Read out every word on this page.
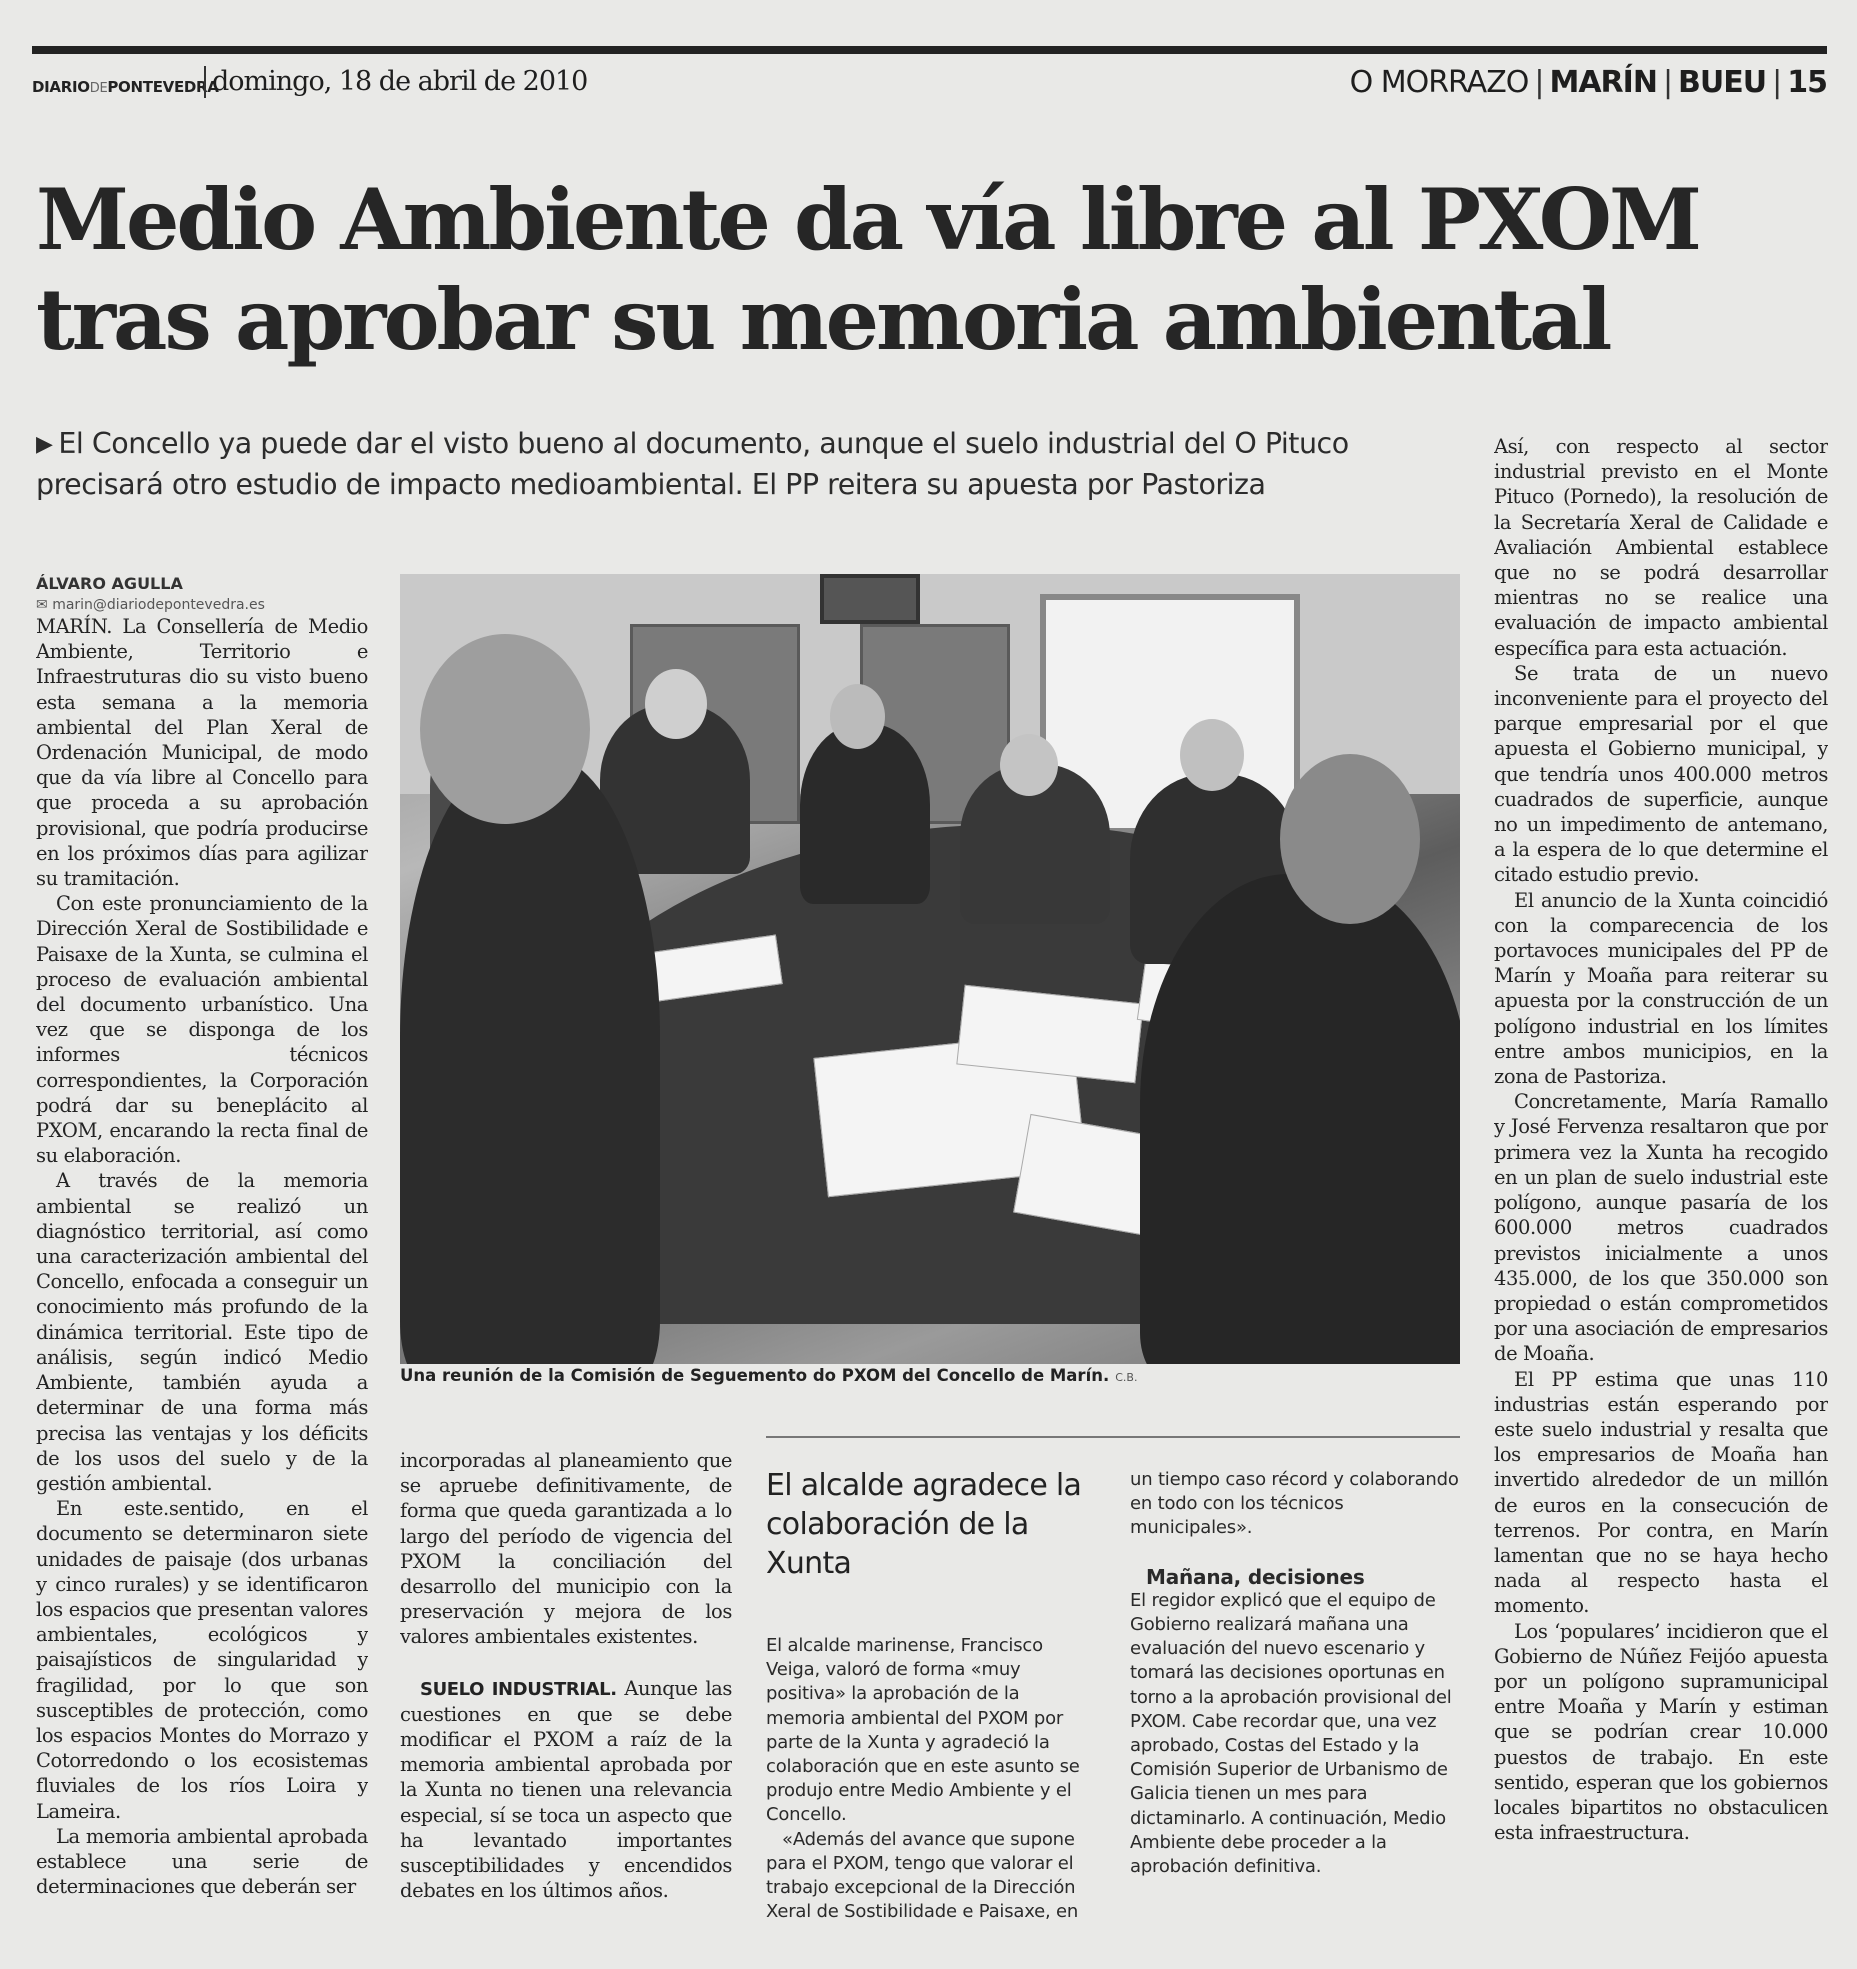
DIARIODEPONTEVEDRA
domingo, 18 de abril de 2010	O MORRAZO | MARÍN | BUEU | 15
Medio Ambiente da vía libre al PXOM
tras aprobar su memoria ambiental
▶ El Concello ya puede dar el visto bueno al documento, aunque el suelo industrial del O Pituco precisará otro estudio de impacto medioambiental. El PP reitera su apuesta por Pastoriza
ÁLVARO AGULLA
✉ marin@diariodepontevedra.es

MARÍN. La Consellería de Medio Ambiente, Territorio e Infraestruturas dio su visto bueno esta semana a la memoria ambiental del Plan Xeral de Ordenación Municipal, de modo que da vía libre al Concello para que proceda a su aprobación provisional, que podría producirse en los próximos días para agilizar su tramitación.

Con este pronunciamiento de la Dirección Xeral de Sostibilidade e Paisaxe de la Xunta, se culmina el proceso de evaluación ambiental del documento urbanístico. Una vez que se disponga de los informes técnicos correspondientes, la Corporación podrá dar su beneplácito al PXOM, encarando la recta final de su elaboración.

A través de la memoria ambiental se realizó un diagnóstico territorial, así como una caracterización ambiental del Concello, enfocada a conseguir un conocimiento más profundo de la dinámica territorial. Este tipo de análisis, según indicó Medio Ambiente, también ayuda a determinar de una forma más precisa las ventajas y los déficits de los usos del suelo y de la gestión ambiental.

En este.sentido, en el documento se determinaron siete unidades de paisaje (dos urbanas y cinco rurales) y se identificaron los espacios que presentan valores ambientales, ecológicos y paisajísticos de singularidad y fragilidad, por lo que son susceptibles de protección, como los espacios Montes do Morrazo y Cotorredondo o los ecosistemas fluviales de los ríos Loira y Lameira.

La memoria ambiental aprobada establece una serie de determinaciones que deberán ser

Una reunión de la Comisión de Seguemento do PXOM del Concello de Marín. C.B.

incorporadas al planeamiento que se apruebe definitivamente, de forma que queda garantizada a lo largo del período de vigencia del PXOM la conciliación del desarrollo del municipio con la preservación y mejora de los valores ambientales existentes.

SUELO INDUSTRIAL. Aunque las cuestiones en que se debe modificar el PXOM a raíz de la memoria ambiental aprobada por la Xunta no tienen una relevancia especial, sí se toca un aspecto que ha levantado importantes susceptibilidades y encendidos debates en los últimos años.

Así, con respecto al sector industrial previsto en el Monte Pituco (Pornedo), la resolución de la Secretaría Xeral de Calidade e Avaliación Ambiental establece que no se podrá desarrollar mientras no se realice una evaluación de impacto ambiental específica para esta actuación.

Se trata de un nuevo inconveniente para el proyecto del parque empresarial por el que apuesta el Gobierno municipal, y que tendría unos 400.000 metros cuadrados de superficie, aunque no un impedimento de antemano, a la espera de lo que determine el citado estudio previo.

El anuncio de la Xunta coincidió con la comparecencia de los portavoces municipales del PP de Marín y Moaña para reiterar su apuesta por la construcción de un polígono industrial en los límites entre ambos municipios, en la zona de Pastoriza.

Concretamente, María Ramallo y José Fervenza resaltaron que por primera vez la Xunta ha recogido en un plan de suelo industrial este polígono, aunque pasaría de los 600.000 metros cuadrados previstos inicialmente a unos 435.000, de los que 350.000 son propiedad o están comprometidos por una asociación de empresarios de Moaña.

El PP estima que unas 110 industrias están esperando por este suelo industrial y resalta que los empresarios de Moaña han invertido alrededor de un millón de euros en la consecución de terrenos. Por contra, en Marín lamentan que no se haya hecho nada al respecto hasta el momento.

Los ‘populares’ incidieron que el Gobierno de Núñez Feijóo apuesta por un polígono supramunicipal entre Moaña y Marín y estiman que se podrían crear 10.000 puestos de trabajo. En este sentido, esperan que los gobiernos locales bipartitos no obstaculicen esta infraestructura.

El alcalde agradece la colaboración de la Xunta

El alcalde marinense, Francisco Veiga, valoró de forma «muy positiva» la aprobación de la memoria ambiental del PXOM por parte de la Xunta y agradeció la colaboración que en este asunto se produjo entre Medio Ambiente y el Concello.

«Además del avance que supone para el PXOM, tengo que valorar el trabajo excepcional de la Dirección Xeral de Sostibilidade e Paisaxe, en

un tiempo caso récord y colaborando en todo con los técnicos municipales».

Mañana, decisiones

El regidor explicó que el equipo de Gobierno realizará mañana una evaluación del nuevo escenario y tomará las decisiones oportunas en torno a la aprobación provisional del PXOM. Cabe recordar que, una vez aprobado, Costas del Estado y la Comisión Superior de Urbanismo de Galicia tienen un mes para dictaminarlo. A continuación, Medio Ambiente debe proceder a la aprobación definitiva.
